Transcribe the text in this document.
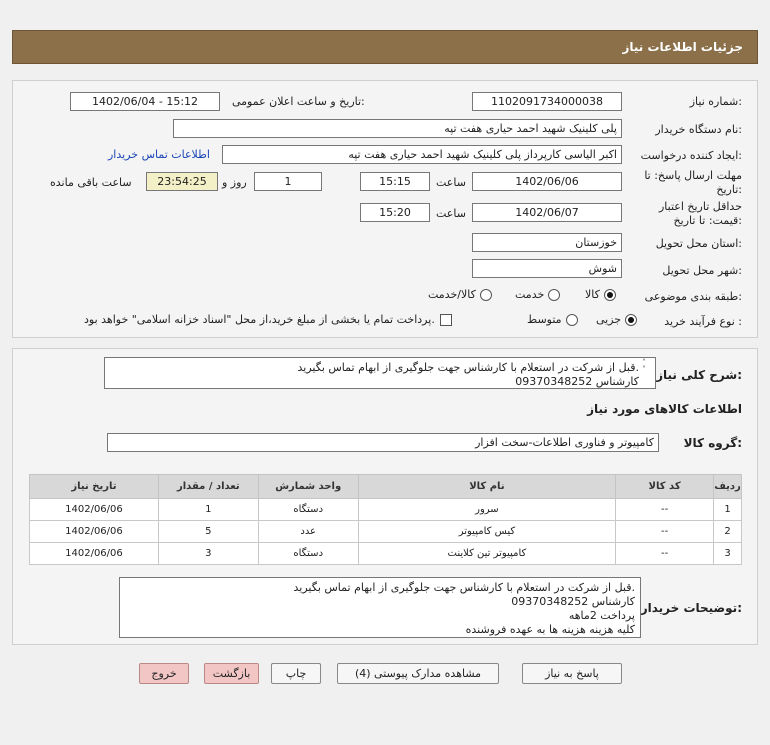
جزئیات اطلاعات نیاز
شماره نیاز:
1102091734000038
تاریخ و ساعت اعلان عمومی:
1402/06/04 - 15:12
نام دستگاه خریدار:
پلی کلینیک شهید احمد حیاری هفت تپه
ایجاد کننده درخواست:
اکبر الیاسی کارپرداز پلی کلینیک شهید احمد حیاری هفت تپه
اطلاعات تماس خریدار
مهلت ارسال پاسخ: تا تاریخ:
1402/06/06
ساعت
15:15
1
روز و
23:54:25
ساعت باقی مانده
حداقل تاریخ اعتبار قیمت: تا تاریخ:
1402/06/07
ساعت
15:20
استان محل تحویل:
خوزستان
شهر محل تحویل:
شوش
طبقه بندی موضوعی:
کالا
خدمت
کالا/خدمت
نوع فرآیند خرید :
جزیی
متوسط
پرداخت تمام یا بخشی از مبلغ خرید،از محل "اسناد خزانه اسلامی" خواهد بود.
شرح کلی نیاز:
قبل از شرکت در استعلام با کارشناس جهت جلوگیری از ابهام تماس بگیرید.
کارشناس 09370348252
˄
˅
اطلاعات کالاهای مورد نیاز
گروه کالا:
کامپیوتر و فناوری اطلاعات-سخت افزار
ردیف	کد کالا	نام کالا	واحد شمارش	تعداد / مقدار	تاریخ نیاز
1	--	سرور	دستگاه	1	1402/06/06
2	--	کیس کامپیوتر	عدد	5	1402/06/06
3	--	کامپیوتر تین کلاینت	دستگاه	3	1402/06/06
توضیحات خریدار:
قبل از شرکت در استعلام با کارشناس جهت جلوگیری از ابهام تماس بگیرید.
کارشناس 09370348252
پرداخت 2ماهه
کلیه هزینه هزینه ها به عهده فروشنده
پاسخ به نیاز
مشاهده مدارک پیوستی (4)
چاپ
بازگشت
خروج
